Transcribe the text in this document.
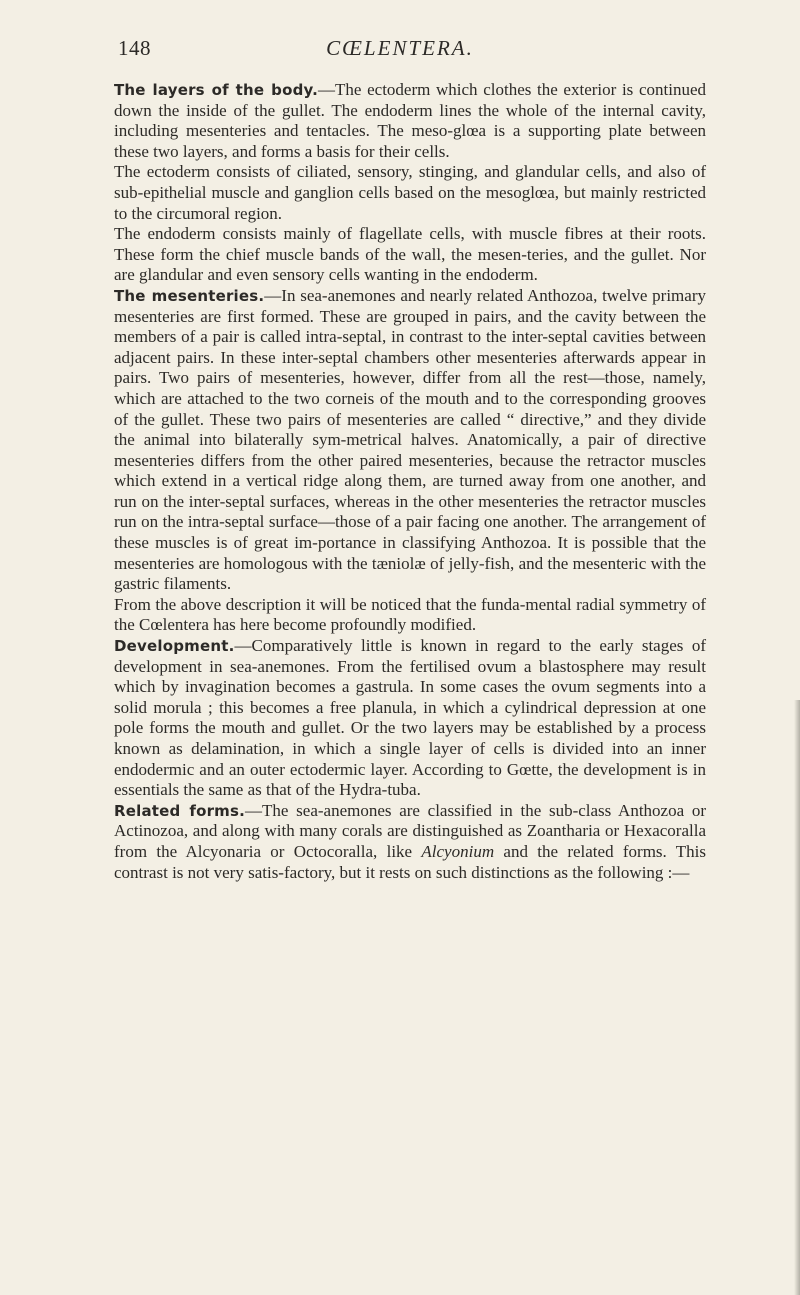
148	CŒLENTERA.

The layers of the body.—The ectoderm which clothes the exterior is continued down the inside of the gullet. The endoderm lines the whole of the internal cavity, including mesenteries and tentacles. The meso-glœa is a supporting plate between these two layers, and forms a basis for their cells.

The ectoderm consists of ciliated, sensory, stinging, and glandular cells, and also of sub-epithelial muscle and ganglion cells based on the mesoglœa, but mainly restricted to the circumoral region.

The endoderm consists mainly of flagellate cells, with muscle fibres at their roots. These form the chief muscle bands of the wall, the mesen-teries, and the gullet. Nor are glandular and even sensory cells wanting in the endoderm.

The mesenteries.—In sea-anemones and nearly related Anthozoa, twelve primary mesenteries are first formed. These are grouped in pairs, and the cavity between the members of a pair is called intra-septal, in contrast to the inter-septal cavities between adjacent pairs. In these inter-septal chambers other mesenteries afterwards appear in pairs. Two pairs of mesenteries, however, differ from all the rest—those, namely, which are attached to the two corneis of the mouth and to the corresponding grooves of the gullet. These two pairs of mesenteries are called “ directive,” and they divide the animal into bilaterally sym-metrical halves. Anatomically, a pair of directive mesenteries differs from the other paired mesenteries, because the retractor muscles which extend in a vertical ridge along them, are turned away from one another, and run on the inter-septal surfaces, whereas in the other mesenteries the retractor muscles run on the intra-septal surface—those of a pair facing one another. The arrangement of these muscles is of great im-portance in classifying Anthozoa. It is possible that the mesenteries are homologous with the tæniolæ of jelly-fish, and the mesenteric with the gastric filaments.

From the above description it will be noticed that the funda-mental radial symmetry of the Cœlentera has here become profoundly modified.

Development.—Comparatively little is known in regard to the early stages of development in sea-anemones. From the fertilised ovum a blastosphere may result which by invagination becomes a gastrula. In some cases the ovum segments into a solid morula ; this becomes a free planula, in which a cylindrical depression at one pole forms the mouth and gullet. Or the two layers may be established by a process known as delamination, in which a single layer of cells is divided into an inner endodermic and an outer ectodermic layer. According to Gœtte, the development is in essentials the same as that of the Hydra-tuba.

Related forms.—The sea-anemones are classified in the sub-class Anthozoa or Actinozoa, and along with many corals are distinguished as Zoantharia or Hexacoralla from the Alcyonaria or Octocoralla, like Alcyonium and the related forms. This contrast is not very satis-factory, but it rests on such distinctions as the following :—
